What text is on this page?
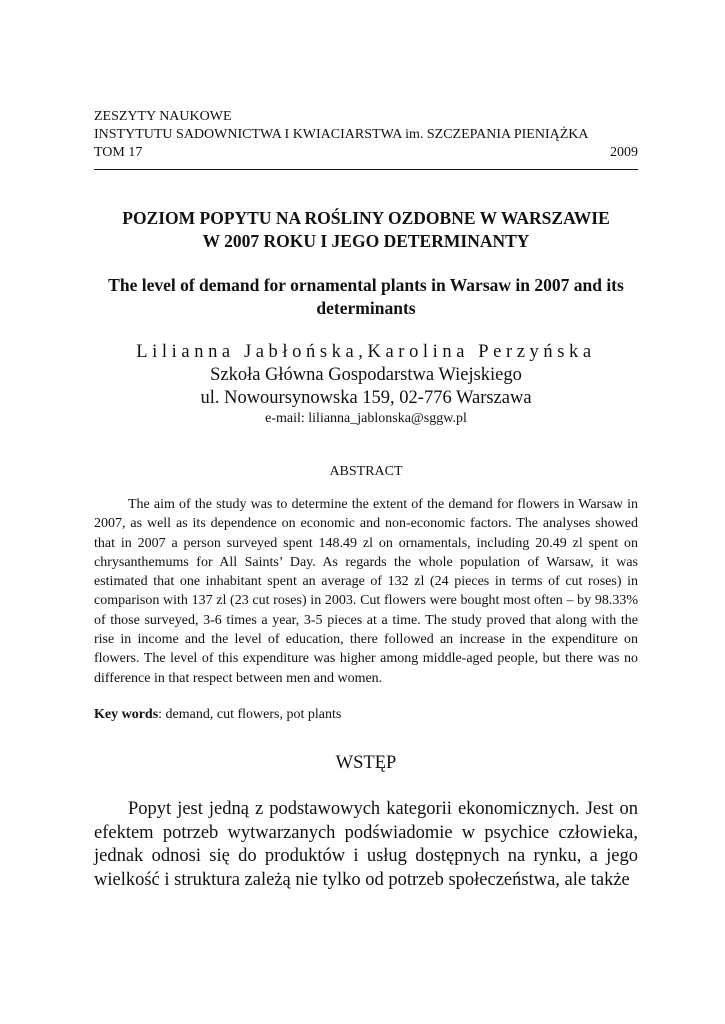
ZESZYTY NAUKOWE
INSTYTUTU SADOWNICTWA I KWIACIARSTWA im. SZCZEPANIA PIENIĄŻKA
TOM 17	2009
POZIOM POPYTU NA ROŚLINY OZDOBNE W WARSZAWIE
W 2007 ROKU I JEGO DETERMINANTY
The level of demand for ornamental plants in Warsaw in 2007 and its
determinants
Lilianna Jabłońska,Karolina Perzyńska
Szkoła Główna Gospodarstwa Wiejskiego
ul. Nowoursynowska 159, 02-776 Warszawa
e-mail: lilianna_jablonska@sggw.pl
ABSTRACT
The aim of the study was to determine the extent of the demand for flowers in Warsaw in 2007, as well as its dependence on economic and non-economic factors. The analyses showed that in 2007 a person surveyed spent 148.49 zl on ornamentals, including 20.49 zl spent on chrysanthemums for All Saints’ Day. As regards the whole population of Warsaw, it was estimated that one inhabitant spent an average of 132 zl (24 pieces in terms of cut roses) in comparison with 137 zl (23 cut roses) in 2003. Cut flowers were bought most often – by 98.33% of those surveyed, 3-6 times a year, 3-5 pieces at a time. The study proved that along with the rise in income and the level of education, there followed an increase in the expenditure on flowers. The level of this expenditure was higher among middle-aged people, but there was no difference in that respect between men and women.
Key words: demand, cut flowers, pot plants
WSTĘP
Popyt jest jedną z podstawowych kategorii ekonomicznych. Jest on efektem potrzeb wytwarzanych podświadomie w psychice człowieka, jednak odnosi się do produktów i usług dostępnych na rynku, a jego wielkość i struktura zależą nie tylko od potrzeb społeczeństwa, ale także
